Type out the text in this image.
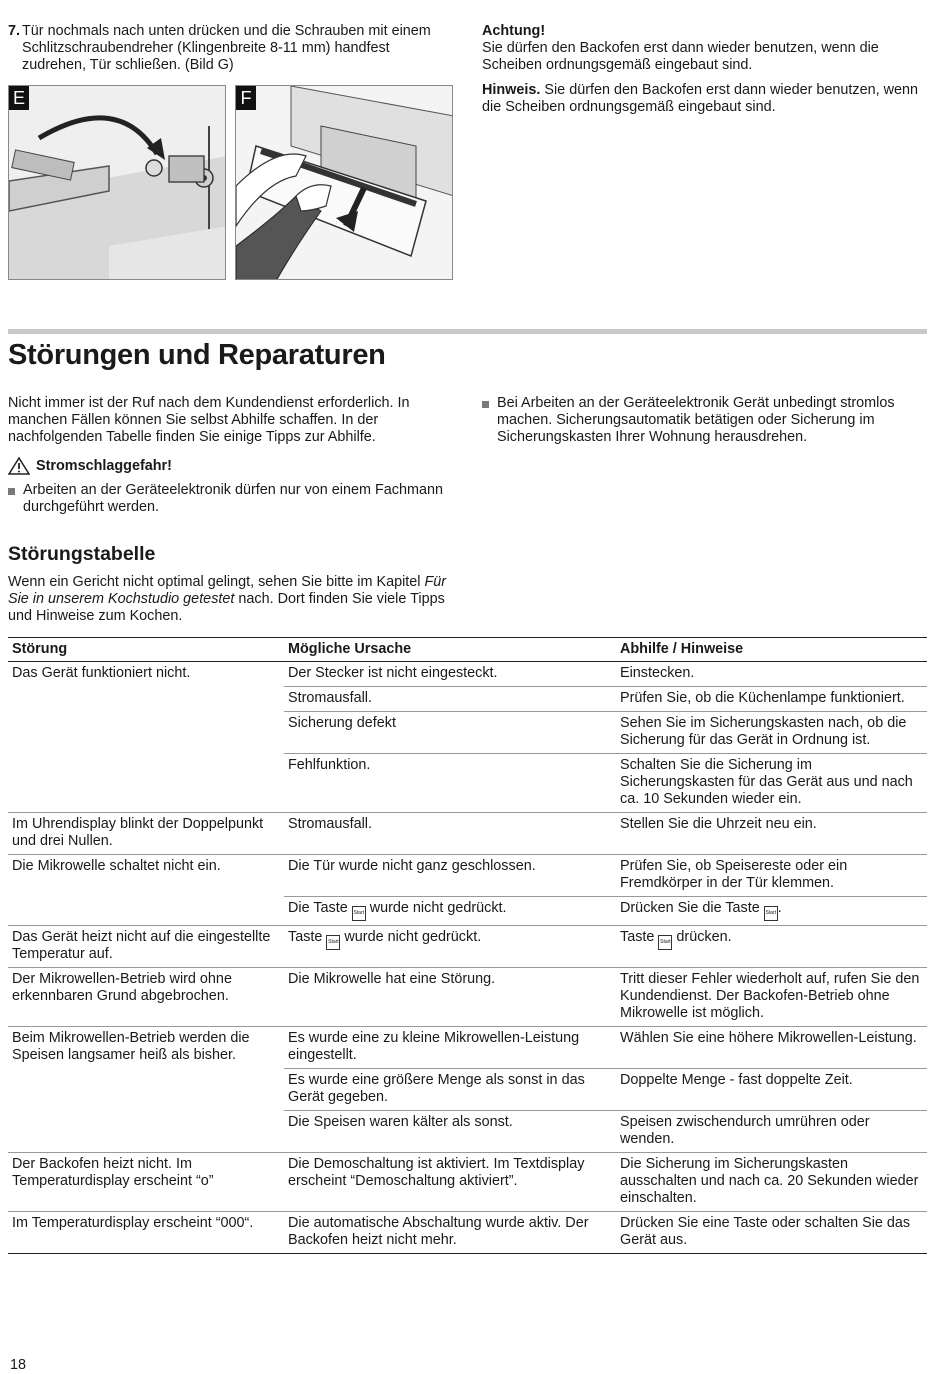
7. Tür nochmals nach unten drücken und die Schrauben mit einem Schlitzschraubendreher (Klingenbreite 8-11 mm) handfest zudrehen, Tür schließen. (Bild G)
E	F

Achtung!
Sie dürfen den Backofen erst dann wieder benutzen, wenn die Scheiben ordnungsgemäß eingebaut sind.

Hinweis. Sie dürfen den Backofen erst dann wieder benutzen, wenn die Scheiben ordnungsgemäß eingebaut sind.

Störungen und Reparaturen
Nicht immer ist der Ruf nach dem Kundendienst erforderlich. In manchen Fällen können Sie selbst Abhilfe schaffen. In der nachfolgenden Tabelle finden Sie einige Tipps zur Abhilfe.
Stromschlaggefahr!
Arbeiten an der Geräteelektronik dürfen nur von einem Fachmann durchgeführt werden.
Bei Arbeiten an der Geräteelektronik Gerät unbedingt stromlos machen. Sicherungsautomatik betätigen oder Sicherung im Sicherungskasten Ihrer Wohnung herausdrehen.
Störungstabelle
Wenn ein Gericht nicht optimal gelingt, sehen Sie bitte im Kapitel Für Sie in unserem Kochstudio getestet nach. Dort finden Sie viele Tipps und Hinweise zum Kochen.
Störung	Mögliche Ursache	Abhilfe / Hinweise
Das Gerät funktioniert nicht.	Der Stecker ist nicht eingesteckt.	Einstecken.
	Stromausfall.	Prüfen Sie, ob die Küchenlampe funktioniert.
	Sicherung defekt	Sehen Sie im Sicherungskasten nach, ob die Sicherung für das Gerät in Ordnung ist.
	Fehlfunktion.	Schalten Sie die Sicherung im Sicherungskasten für das Gerät aus und nach ca. 10 Sekunden wieder ein.
Im Uhrendisplay blinkt der Doppelpunkt und drei Nullen.	Stromausfall.	Stellen Sie die Uhrzeit neu ein.
Die Mikrowelle schaltet nicht ein.	Die Tür wurde nicht ganz geschlossen.	Prüfen Sie, ob Speisereste oder ein Fremdkörper in der Tür klemmen.
	Die Taste Start wurde nicht gedrückt.	Drücken Sie die Taste Start .
Das Gerät heizt nicht auf die eingestellte Temperatur auf.	Taste Start wurde nicht gedrückt.	Taste Start drücken.
Der Mikrowellen-Betrieb wird ohne erkennbaren Grund abgebrochen.	Die Mikrowelle hat eine Störung.	Tritt dieser Fehler wiederholt auf, rufen Sie den Kundendienst. Der Backofen-Betrieb ohne Mikrowelle ist möglich.
Beim Mikrowellen-Betrieb werden die Speisen langsamer heiß als bisher.	Es wurde eine zu kleine Mikrowellen-Leistung eingestellt.	Wählen Sie eine höhere Mikrowellen-Leistung.
	Es wurde eine größere Menge als sonst in das Gerät gegeben.	Doppelte Menge - fast doppelte Zeit.
	Die Speisen waren kälter als sonst.	Speisen zwischendurch umrühren oder wenden.
Der Backofen heizt nicht. Im Temperaturdisplay erscheint “o”	Die Demoschaltung ist aktiviert. Im Textdisplay erscheint “Demoschaltung aktiviert”.	Die Sicherung im Sicherungskasten ausschalten und nach ca. 20 Sekunden wieder einschalten.
Im Temperaturdisplay erscheint “000“.	Die automatische Abschaltung wurde aktiv. Der Backofen heizt nicht mehr.	Drücken Sie eine Taste oder schalten Sie das Gerät aus.
18
